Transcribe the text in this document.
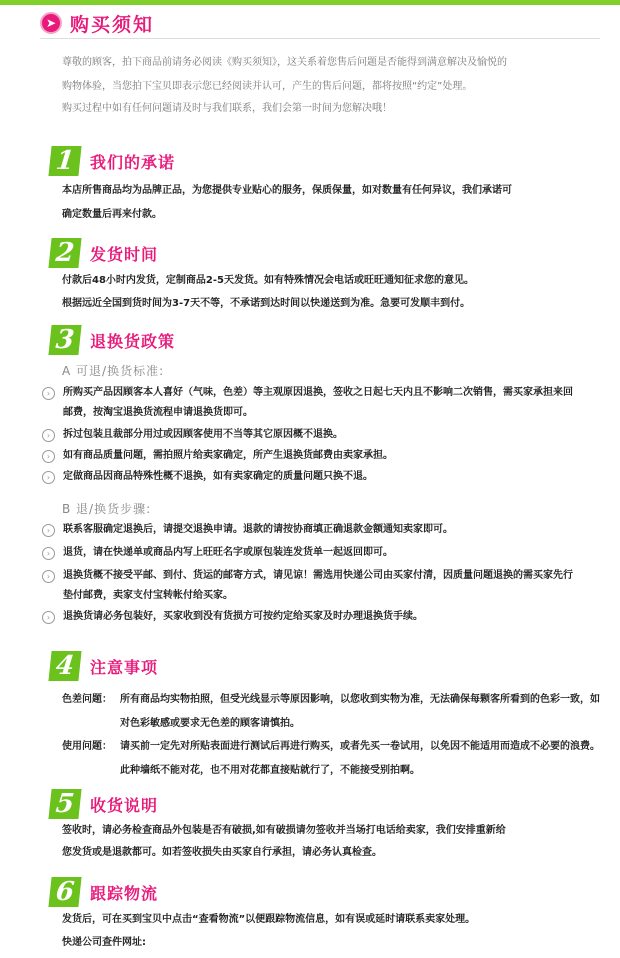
➤ 购买须知
尊敬的顾客，拍下商品前请务必阅读《购买须知》，这关系着您售后问题是否能得到满意解决及愉悦的
购物体验，当您拍下宝贝即表示您已经阅读并认可，产生的售后问题，都将按照“约定”处理。
购买过程中如有任何问题请及时与我们联系，我们会第一时间为您解决哦！
1 我们的承诺
本店所售商品均为品牌正品，为您提供专业贴心的服务，保质保量，如对数量有任何异议，我们承诺可
确定数量后再来付款。
2 发货时间
付款后48小时内发货，定制商品2-5天发货。如有特殊情况会电话或旺旺通知征求您的意见。
根据远近全国到货时间为3-7天不等，不承诺到达时间以快递送到为准。急要可发顺丰到付。
3 退换货政策
A 可退/换货标准:
›	所购买产品因顾客本人喜好（气味，色差）等主观原因退换，签收之日起七天内且不影响二次销售，需买家承担来回邮费，按淘宝退换货流程申请退换货即可。
›	拆过包装且裁部分用过或因顾客使用不当等其它原因概不退换。
›	如有商品质量问题，需拍照片给卖家确定，所产生退换货邮费由卖家承担。
›	定做商品因商品特殊性概不退换，如有卖家确定的质量问题只换不退。
B 退/换货步骤:
›	联系客服确定退换后，请提交退换申请。退款的请按协商填正确退款金额通知卖家即可。
›	退货，请在快递单或商品内写上旺旺名字或原包装连发货单一起返回即可。
›	退换货概不接受平邮、到付、货运的邮寄方式，请见谅！需选用快递公司由买家付清，因质量问题退换的需买家先行垫付邮费，卖家支付宝转帐付给买家。
›	退换货请必务包装好，买家收到没有货损方可按约定给买家及时办理退换货手续。
4 注意事项
色差问题： 所有商品均实物拍照，但受光线显示等原因影响，以您收到实物为准，无法确保每颗客所看到的色彩一致，如对色彩敏感或要求无色差的顾客请慎拍。
使用问题： 请买前一定先对所贴表面进行测试后再进行购买，或者先买一卷试用，以免因不能适用而造成不必要的浪费。此种墙纸不能对花，也不用对花都直接贴就行了，不能接受别拍啊。
5 收货说明
签收时，请必务检查商品外包装是否有破损,如有破损请勿签收并当场打电话给卖家，我们安排重新给
您发货或是退款都可。如若签收损失由买家自行承担，请必务认真检查。
6 跟踪物流
发货后，可在买到宝贝中点击“查看物流”以便跟踪物流信息，如有误或延时请联系卖家处理。
快递公司查件网址:
